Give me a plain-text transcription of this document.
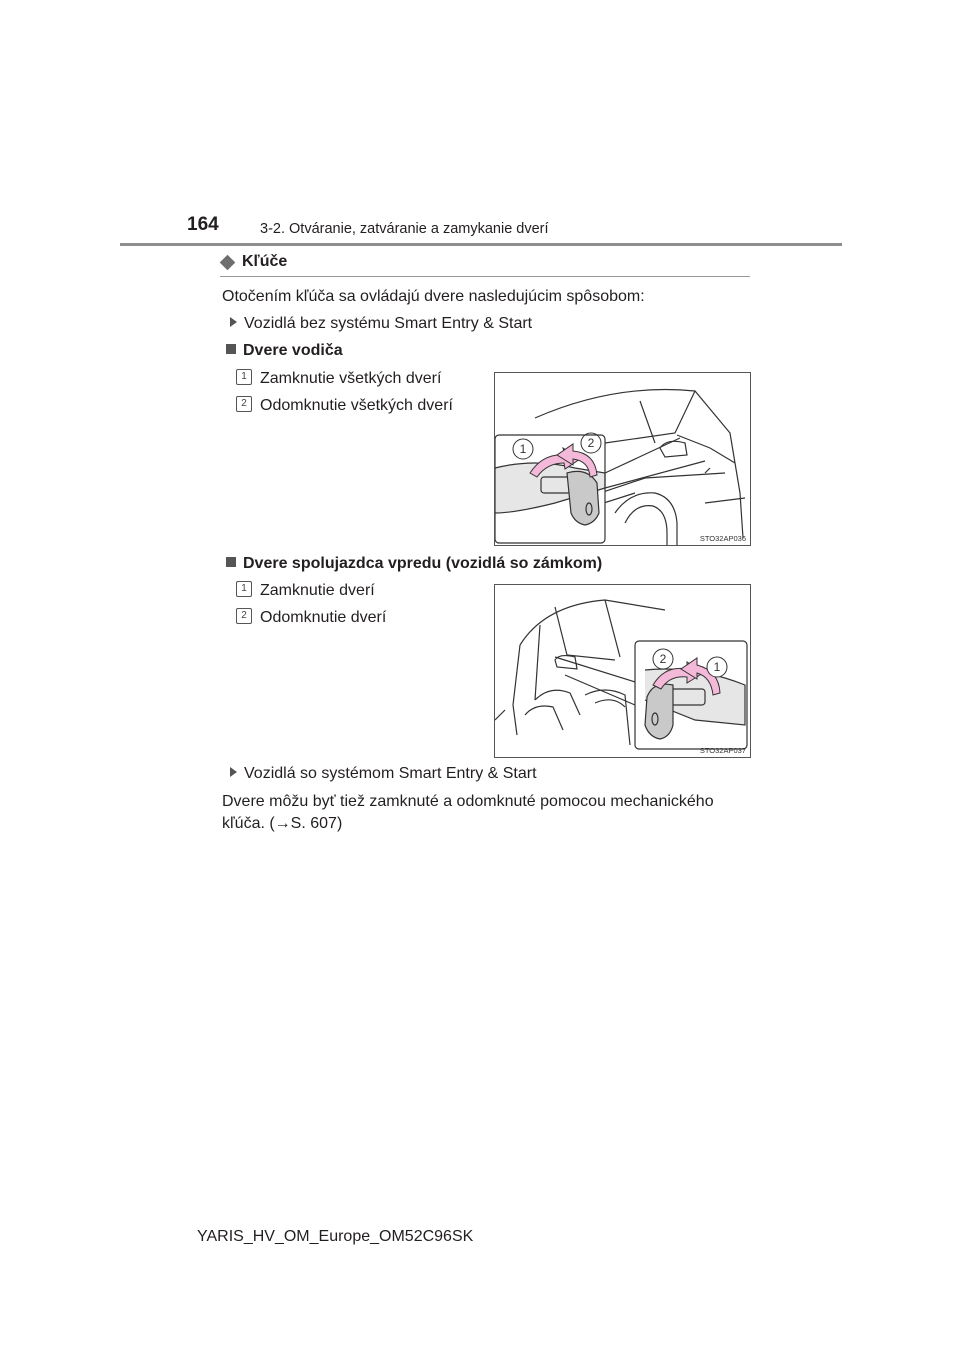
164	3-2. Otváranie, zatváranie a zamykanie dverí
Kľúče
Otočením kľúča sa ovládajú dvere nasledujúcim spôsobom:
Vozidlá bez systému Smart Entry & Start
Dvere vodiča
1 Zamknutie všetkých dverí
2 Odomknutie všetkých dverí
1	2
STO32AP036
Dvere spolujazdca vpredu (vozidlá so zámkom)
1 Zamknutie dverí
2 Odomknutie dverí
2
1
STO32AP037
Vozidlá so systémom Smart Entry & Start
Dvere môžu byť tiež zamknuté a odomknuté pomocou mechanického
kľúča. (→S. 607)
YARIS_HV_OM_Europe_OM52C96SK
